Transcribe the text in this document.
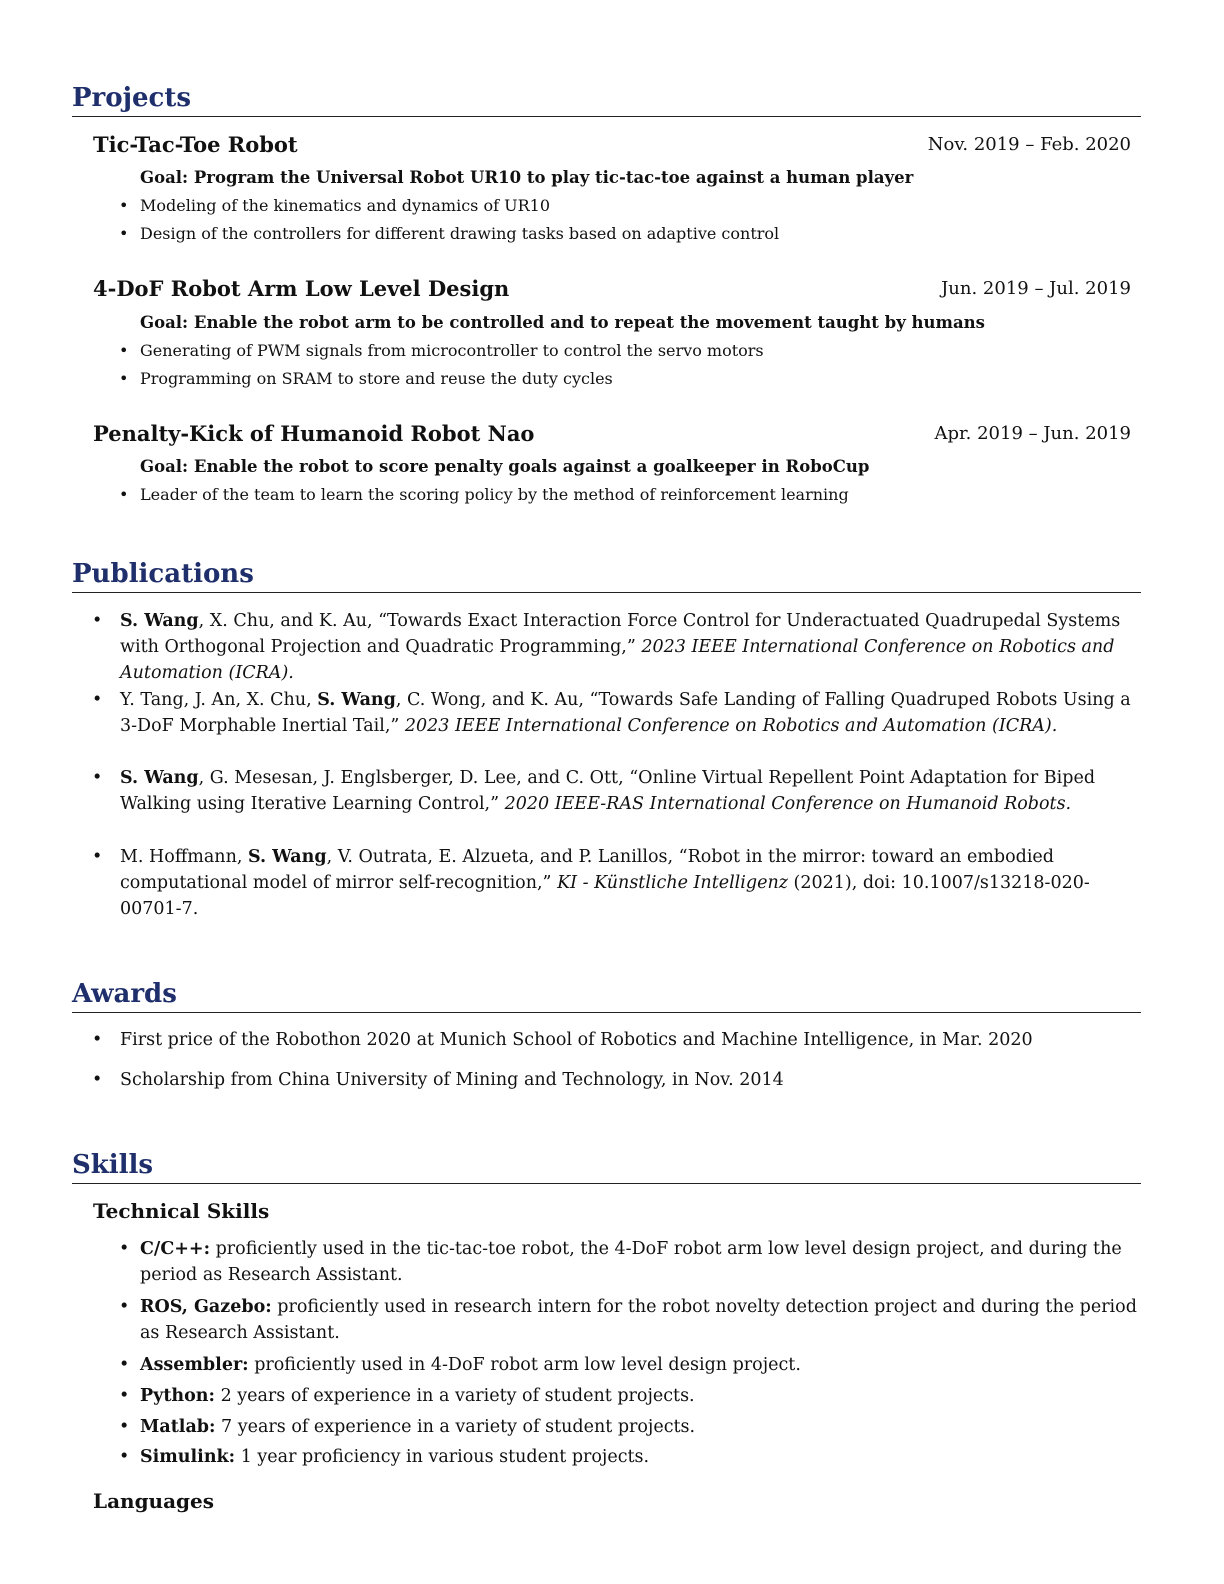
Projects
Tic-Tac-Toe Robot	Nov. 2019 – Feb. 2020
Goal: Program the Universal Robot UR10 to play tic-tac-toe against a human player
• Modeling of the kinematics and dynamics of UR10
• Design of the controllers for different drawing tasks based on adaptive control
4-DoF Robot Arm Low Level Design	Jun. 2019 – Jul. 2019
Goal: Enable the robot arm to be controlled and to repeat the movement taught by humans
• Generating of PWM signals from microcontroller to control the servo motors
• Programming on SRAM to store and reuse the duty cycles
Penalty-Kick of Humanoid Robot Nao	Apr. 2019 – Jun. 2019
Goal: Enable the robot to score penalty goals against a goalkeeper in RoboCup
• Leader of the team to learn the scoring policy by the method of reinforcement learning
Publications
• S. Wang, X. Chu, and K. Au, “Towards Exact Interaction Force Control for Underactuated Quadrupedal Systems with Orthogonal Projection and Quadratic Programming,” 2023 IEEE International Conference on Robotics and Automation (ICRA).
• Y. Tang, J. An, X. Chu, S. Wang, C. Wong, and K. Au, “Towards Safe Landing of Falling Quadruped Robots Using a 3-DoF Morphable Inertial Tail,” 2023 IEEE International Conference on Robotics and Automation (ICRA).
• S. Wang, G. Mesesan, J. Englsberger, D. Lee, and C. Ott, “Online Virtual Repellent Point Adaptation for Biped Walking using Iterative Learning Control,” 2020 IEEE-RAS International Conference on Humanoid Robots.
• M. Hoffmann, S. Wang, V. Outrata, E. Alzueta, and P. Lanillos, “Robot in the mirror: toward an embodied computational model of mirror self-recognition,” KI - Künstliche Intelligenz (2021), doi: 10.1007/s13218-020-00701-7.
Awards
• First price of the Robothon 2020 at Munich School of Robotics and Machine Intelligence, in Mar. 2020
• Scholarship from China University of Mining and Technology, in Nov. 2014
Skills
Technical Skills
• C/C++: proficiently used in the tic-tac-toe robot, the 4-DoF robot arm low level design project, and during the period as Research Assistant.
• ROS, Gazebo: proficiently used in research intern for the robot novelty detection project and during the period as Research Assistant.
• Assembler: proficiently used in 4-DoF robot arm low level design project.
• Python: 2 years of experience in a variety of student projects.
• Matlab: 7 years of experience in a variety of student projects.
• Simulink: 1 year proficiency in various student projects.
Languages
